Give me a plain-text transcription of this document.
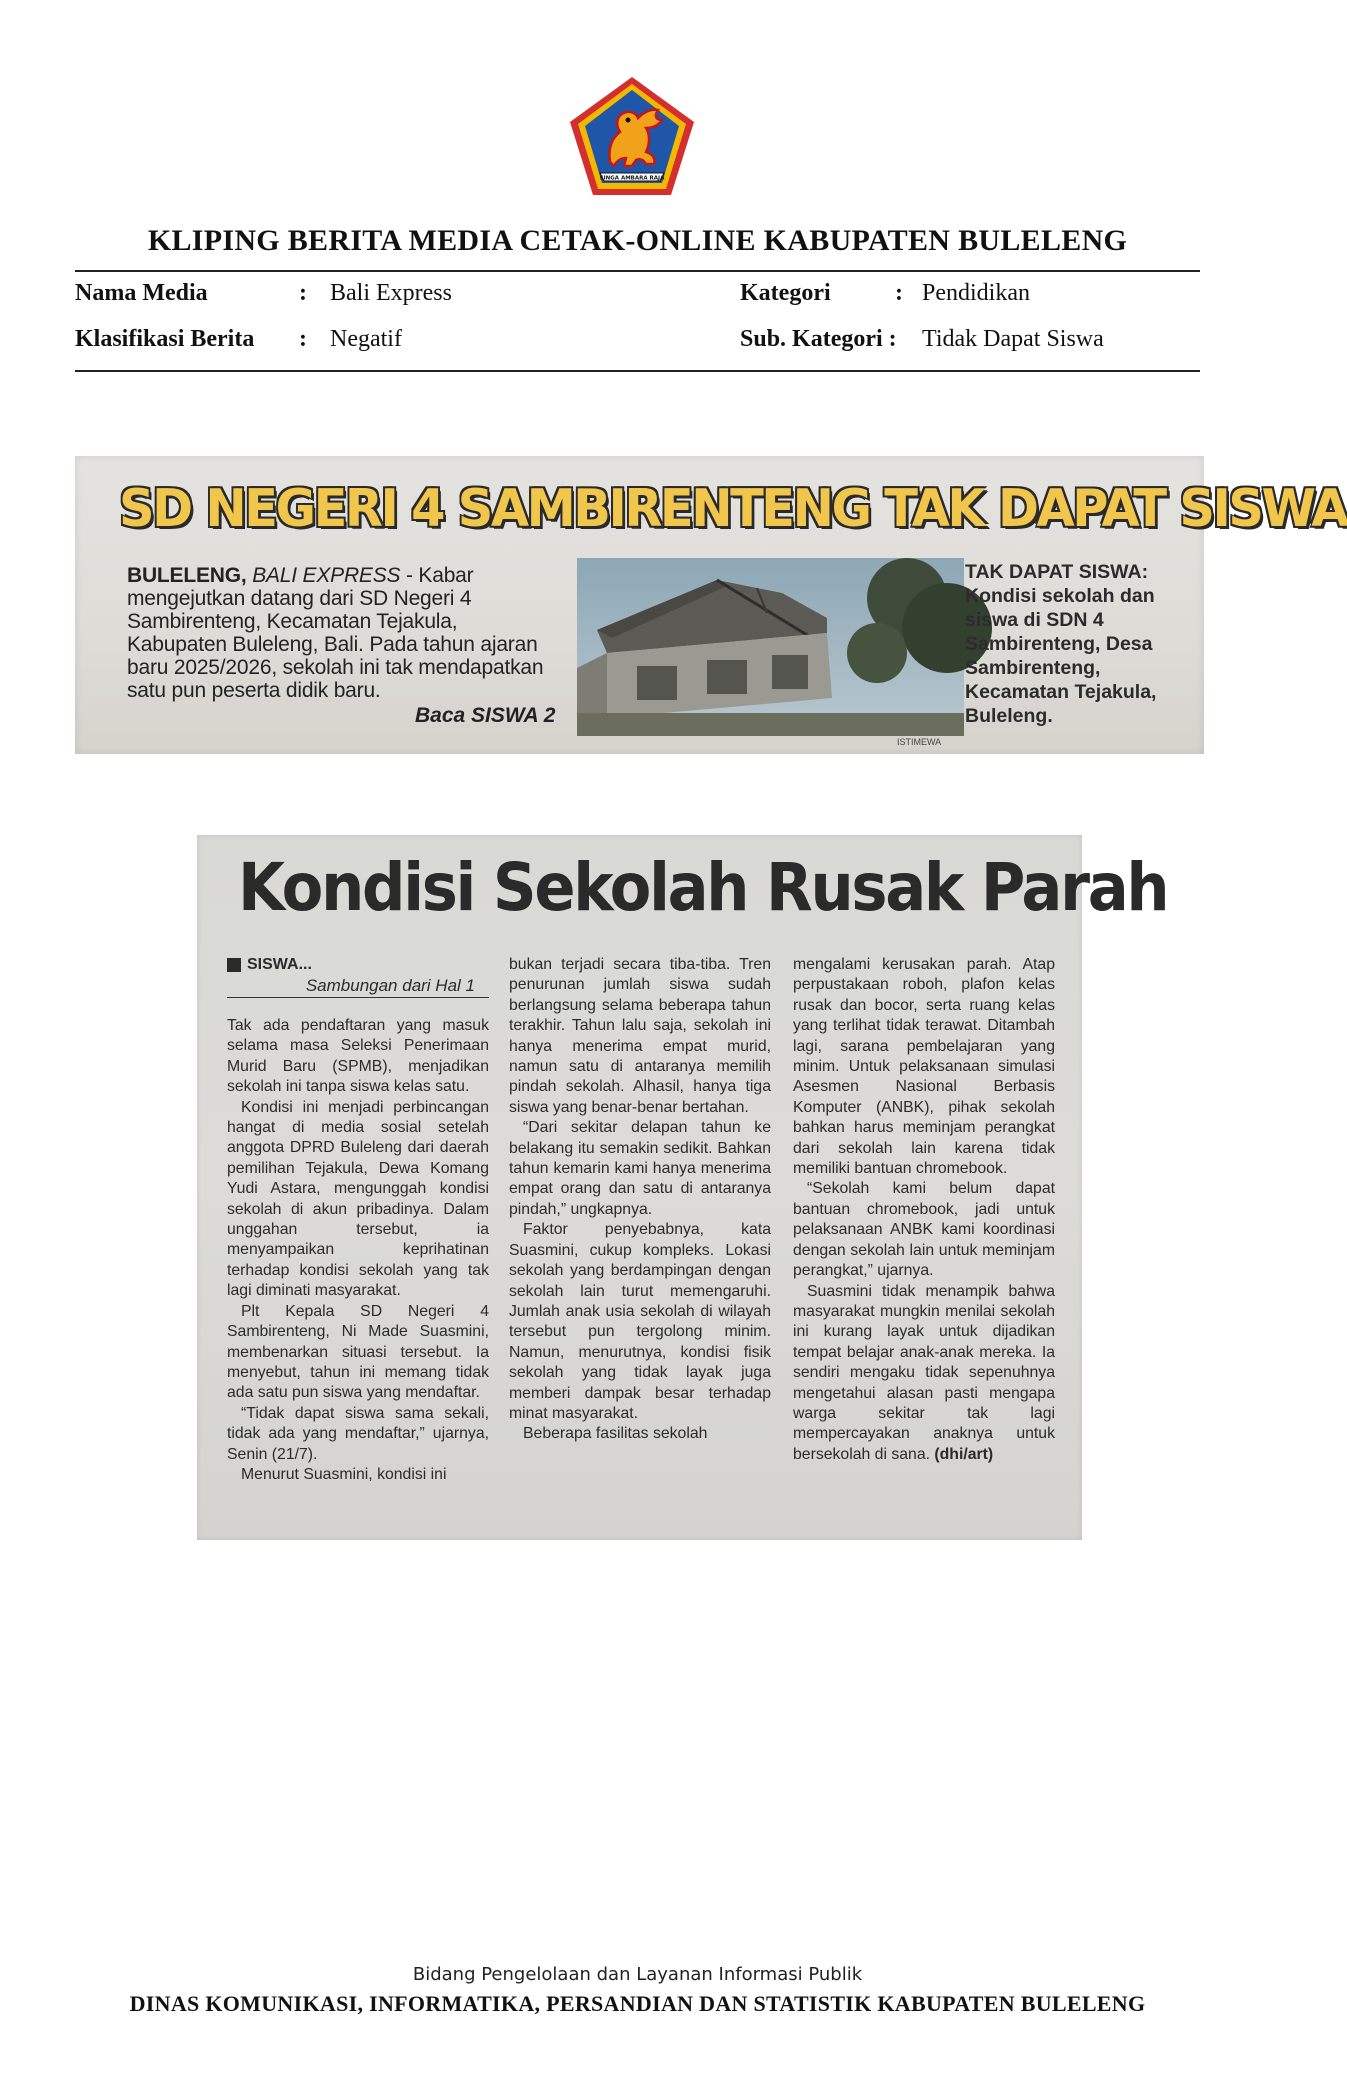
SINGA AMBARA RAJA
KLIPING BERITA MEDIA CETAK-ONLINE KABUPATEN BULELENG
Nama Media	: Bali Express
Klasifikasi Berita : Negatif
Kategori	: Pendidikan
Sub. Kategori : Tidak Dapat Siswa
SD NEGERI 4 SAMBIRENTENG TAK DAPAT SISWA
BULELENG, BALI EXPRESS - Kabar mengejutkan datang dari SD Negeri 4 Sambirenteng, Kecamatan Tejakula, Kabupaten Buleleng, Bali. Pada tahun ajaran baru 2025/2026, sekolah ini tak mendapatkan satu pun peserta didik baru.
Baca SISWA 2
ISTIMEWA
TAK DAPAT SISWA: Kondisi sekolah dan siswa di SDN 4 Sambirenteng, Desa Sambirenteng, Kecamatan Tejakula, Buleleng.
Kondisi Sekolah Rusak Parah
SISWA...
Sambungan dari Hal 1

Tak ada pendaftaran yang masuk selama masa Seleksi Penerimaan Murid Baru (SPMB), menjadikan sekolah ini tanpa siswa kelas satu.

Kondisi ini menjadi perbincangan hangat di media sosial setelah anggota DPRD Buleleng dari daerah pemilihan Tejakula, Dewa Komang Yudi Astara, mengunggah kondisi sekolah di akun pribadinya. Dalam unggahan tersebut, ia menyampaikan keprihatinan terhadap kondisi sekolah yang tak lagi diminati masyarakat.

Plt Kepala SD Negeri 4 Sambirenteng, Ni Made Suasmini, membenarkan situasi tersebut. Ia menyebut, tahun ini memang tidak ada satu pun siswa yang mendaftar.

“Tidak dapat siswa sama sekali, tidak ada yang mendaftar,” ujarnya, Senin (21/7).

Menurut Suasmini, kondisi ini

bukan terjadi secara tiba-tiba. Tren penurunan jumlah siswa sudah berlangsung selama beberapa tahun terakhir. Tahun lalu saja, sekolah ini hanya menerima empat murid, namun satu di antaranya memilih pindah sekolah. Alhasil, hanya tiga siswa yang benar-benar bertahan.

“Dari sekitar delapan tahun ke belakang itu semakin sedikit. Bahkan tahun kemarin kami hanya menerima empat orang dan satu di antaranya pindah,” ungkapnya.

Faktor penyebabnya, kata Suasmini, cukup kompleks. Lokasi sekolah yang berdampingan dengan sekolah lain turut memengaruhi. Jumlah anak usia sekolah di wilayah tersebut pun tergolong minim. Namun, menurutnya, kondisi fisik sekolah yang tidak layak juga memberi dampak besar terhadap minat masyarakat.

Beberapa fasilitas sekolah

mengalami kerusakan parah. Atap perpustakaan roboh, plafon kelas rusak dan bocor, serta ruang kelas yang terlihat tidak terawat. Ditambah lagi, sarana pembelajaran yang minim. Untuk pelaksanaan simulasi Asesmen Nasional Berbasis Komputer (ANBK), pihak sekolah bahkan harus meminjam perangkat dari sekolah lain karena tidak memiliki bantuan chromebook.

“Sekolah kami belum dapat bantuan chromebook, jadi untuk pelaksanaan ANBK kami koordinasi dengan sekolah lain untuk meminjam perangkat,” ujarnya.

Suasmini tidak menampik bahwa masyarakat mungkin menilai sekolah ini kurang layak untuk dijadikan tempat belajar anak-anak mereka. Ia sendiri mengaku tidak sepenuhnya mengetahui alasan pasti mengapa warga sekitar tak lagi mempercayakan anaknya untuk bersekolah di sana. (dhi/art)

Bidang Pengelolaan dan Layanan Informasi Publik
DINAS KOMUNIKASI, INFORMATIKA, PERSANDIAN DAN STATISTIK KABUPATEN BULELENG
